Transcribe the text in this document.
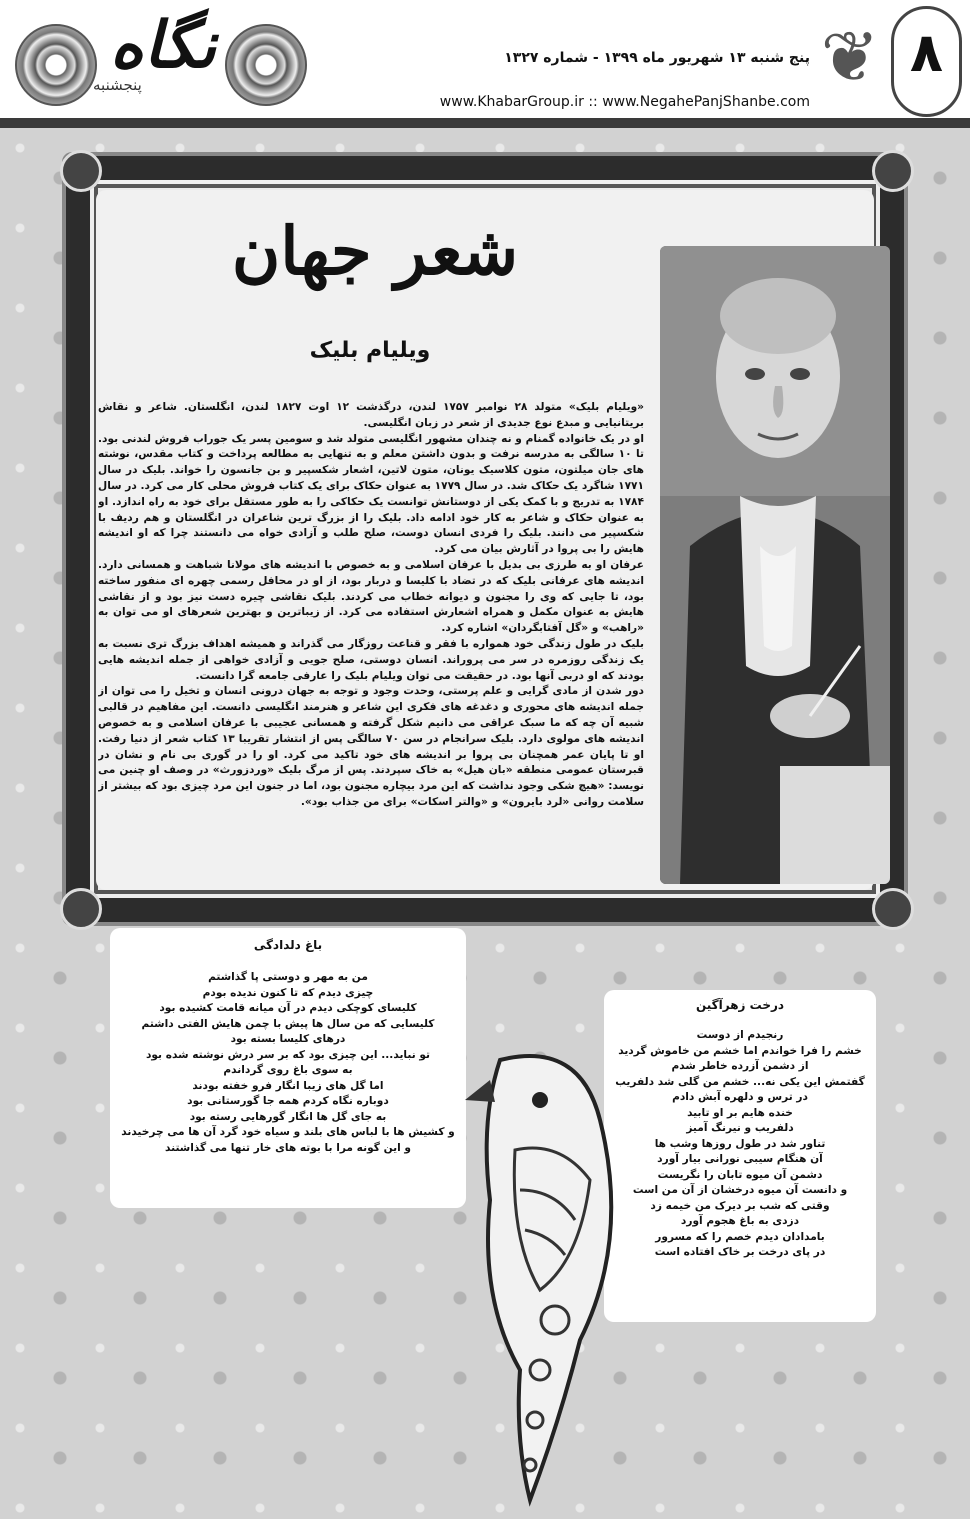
نگاه
پنجشنبه
پنج شنبه ۱۳ شهریور ماه ۱۳۹۹ - شماره ۱۳۲۷
www.KhabarGroup.ir :: www.NegahePanjShanbe.com
❦ ۸
شعر جهان
ویلیام بلیک

«ویلیام بلیک» متولد ۲۸ نوامبر ۱۷۵۷ لندن، درگذشت ۱۲ اوت ۱۸۲۷ لندن، انگلستان. شاعر و نقاش بریتانیایی و مبدع نوع جدیدی از شعر در زبان انگلیسی.

او در یک خانواده گمنام و نه چندان مشهور انگلیسی متولد شد و سومین پسر یک جوراب فروش لندنی بود. تا ۱۰ سالگی به مدرسه نرفت و بدون داشتن معلم و به تنهایی به مطالعه پرداخت و کتاب مقدس، نوشته های جان میلتون، متون کلاسیک یونان، متون لاتین، اشعار شکسپیر و بن جانسون را خواند. بلیک در سال ۱۷۷۱ شاگرد یک حکاک شد. در سال ۱۷۷۹ به عنوان حکاک برای یک کتاب فروش محلی کار می کرد. در سال ۱۷۸۴ به تدریج و با کمک یکی از دوستانش توانست یک حکاکی را به طور مستقل برای خود به راه اندازد. او به عنوان حکاک و شاعر به کار خود ادامه داد. بلیک را از بزرگ ترین شاعران در انگلستان و هم ردیف با شکسپیر می دانند. بلیک را فردی انسان دوست، صلح طلب و آزادی خواه می دانستند چرا که او اندیشه هایش را بی پروا در آثارش بیان می کرد.

عرفان او به طرزی بی بدیل با عرفان اسلامی و به خصوص با اندیشه های مولانا شباهت و همسانی دارد. اندیشه های عرفانی بلیک که در تضاد با کلیسا و دربار بود، از او در محافل رسمی چهره ای منفور ساخته بود، تا جایی که وی را مجنون و دیوانه خطاب می کردند. بلیک نقاشی چیره دست نیز بود و از نقاشی هایش به عنوان مکمل و همراه اشعارش استفاده می کرد. از زیباترین و بهترین شعرهای او می توان به «راهب» و «گل آفتابگردان» اشاره کرد.

بلیک در طول زندگی خود همواره با فقر و قناعت روزگار می گذراند و همیشه اهداف بزرگ تری نسبت به یک زندگی روزمره در سر می پروراند. انسان دوستی، صلح جویی و آزادی خواهی از جمله اندیشه هایی بودند که او دربی آنها بود. در حقیقت می توان ویلیام بلیک را عارفی جامعه گرا دانست.

دور شدن از مادی گرایی و علم پرستی، وحدت وجود و توجه به جهان درونی انسان و تخیل را می توان از جمله اندیشه های محوری و دغدغه های فکری این شاعر و هنرمند انگلیسی دانست. این مفاهیم در قالبی شبیه آن چه که ما سبک عراقی می دانیم شکل گرفته و همسانی عجیبی با عرفان اسلامی و به خصوص اندیشه های مولوی دارد. بلیک سرانجام در سن ۷۰ سالگی پس از انتشار تقریبا ۱۳ کتاب شعر از دنیا رفت. او تا پایان عمر همچنان بی پروا بر اندیشه های خود تاکید می کرد. او را در گوری بی نام و نشان در قبرستان عمومی منطقه «بان هیل» به خاک سپردند. پس از مرگ بلیک «وردزورث» در وصف او چنین می نویسد: «هیچ شکی وجود نداشت که این مرد بیچاره مجنون بود، اما در جنون این مرد چیزی بود که بیشتر از سلامت روانی «لرد بایرون» و «والتر اسکات» برای من جذاب بود».

باغ دلدادگی
من به مهر و دوستی پا گذاشتم
چیزی دیدم که تا کنون ندیده بودم
کلیسای کوچکی دیدم در آن میانه قامت کشیده بود
کلیسایی که من سال ها پیش با چمن هایش الفتی داشتم
درهای کلیسا بسته بود
تو نباید... این چیزی بود که بر سر درش نوشته شده بود
به سوی باغ روی گرداندم
اما گل های زیبا انگار فرو خفته بودند
دوباره نگاه کردم همه جا گورستانی بود
به جای گل ها انگار گورهایی رسته بود
و کشیش ها با لباس های بلند و سیاه خود گرد آن ها می چرخیدند
و این گونه مرا با بوته های خار تنها می گذاشتند
درخت زهرآگین
رنجیدم از دوست
خشم را فرا خواندم اما خشم من خاموش گردید
از دشمن آزرده خاطر شدم
گفتمش این یکی نه... خشم من گلی شد دلفریب
در ترس و دلهره آبش دادم
خنده هایم بر او تابید
دلفریب و نیرنگ آمیز
تناور شد در طول روزها وشب ها
آن هنگام سیبی نورانی بیار آورد
دشمن آن میوه تابان را نگریست
و دانست آن میوه درخشان از آن من است
وقتی که شب بر دیرک من خیمه زد
دزدی به باغ هجوم آورد
بامدادان دیدم خصم را که مسرور
در پای درخت بر خاک افتاده است
